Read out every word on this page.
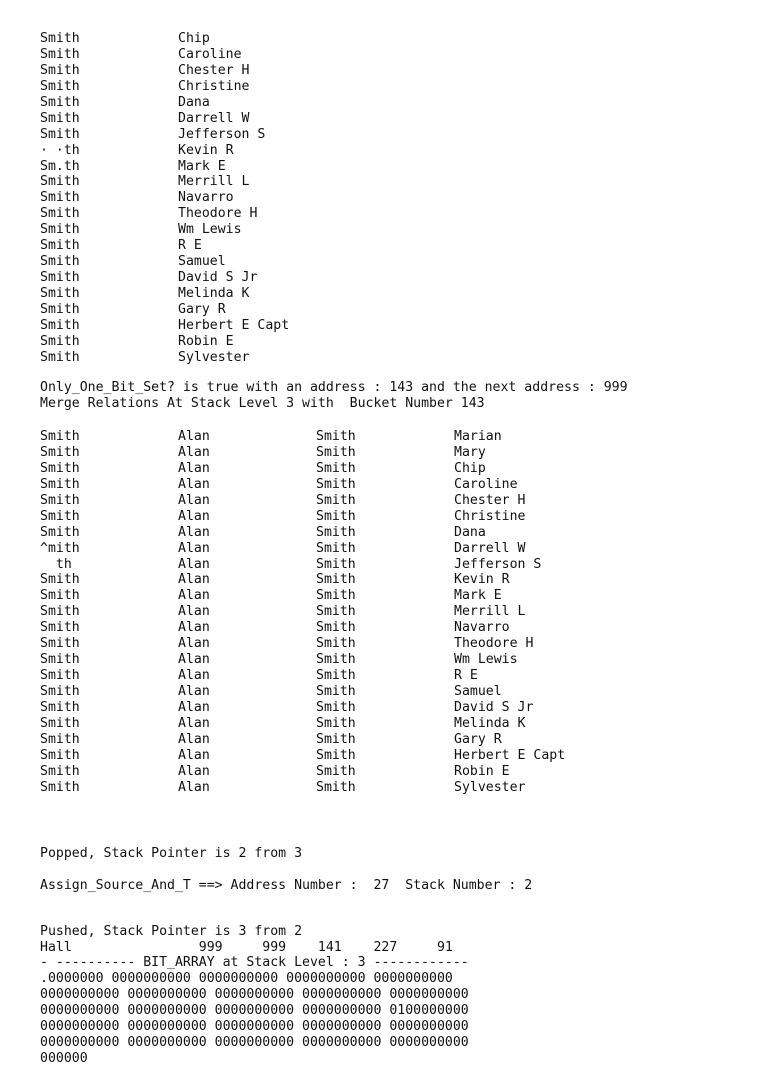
Smith	Chip
Smith	Caroline
Smith	Chester H
Smith	Christine
Smith	Dana
Smith	Darrell W
Smith	Jefferson S
· ·th	Kevin R
Sm.th	Mark E
Smith	Merrill L
Smith	Navarro
Smith	Theodore H
Smith	Wm Lewis
Smith	R E
Smith	Samuel
Smith	David S Jr
Smith	Melinda K
Smith	Gary R
Smith	Herbert E Capt
Smith	Robin E
Smith	Sylvester
Only_One_Bit_Set? is true with an address : 143 and the next address : 999
Merge Relations At Stack Level 3 with  Bucket Number 143
Smith	Alan	Smith	Marian
Smith	Alan	Smith	Mary
Smith	Alan	Smith	Chip
Smith	Alan	Smith	Caroline
Smith	Alan	Smith	Chester H
Smith	Alan	Smith	Christine
Smith	Alan	Smith	Dana
^mith	Alan	Smith	Darrell W
th	Alan	Smith	Jefferson S
Smith	Alan	Smith	Kevin R
Smith	Alan	Smith	Mark E
Smith	Alan	Smith	Merrill L
Smith	Alan	Smith	Navarro
Smith	Alan	Smith	Theodore H
Smith	Alan	Smith	Wm Lewis
Smith	Alan	Smith	R E
Smith	Alan	Smith	Samuel
Smith	Alan	Smith	David S Jr
Smith	Alan	Smith	Melinda K
Smith	Alan	Smith	Gary R
Smith	Alan	Smith	Herbert E Capt
Smith	Alan	Smith	Robin E
Smith	Alan	Smith	Sylvester
Popped, Stack Pointer is 2 from 3
Assign_Source_And_T ==> Address Number :  27  Stack Number : 2
Pushed, Stack Pointer is 3 from 2
Hall                999     999    141    227     91
- ---------- BIT_ARRAY at Stack Level : 3 ------------
.0000000 0000000000 0000000000 0000000000 0000000000
0000000000 0000000000 0000000000 0000000000 0000000000
0000000000 0000000000 0000000000 0000000000 0100000000
0000000000 0000000000 0000000000 0000000000 0000000000
0000000000 0000000000 0000000000 0000000000 0000000000
000000
